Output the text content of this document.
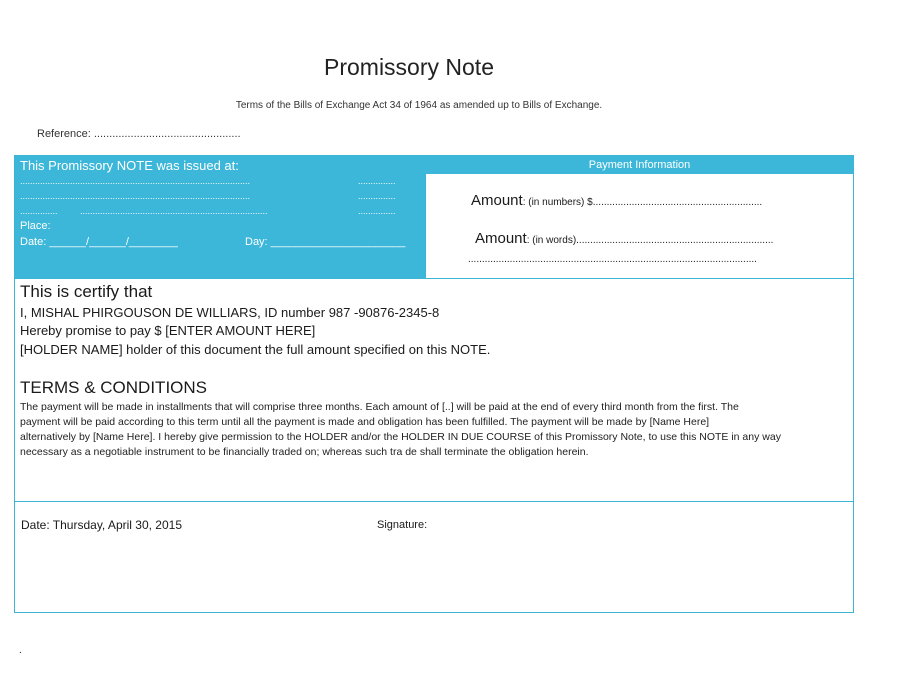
Promissory Note
Terms of the Bills of Exchange Act 34 of 1964 as amended up to Bills of Exchange.
Reference: ................................................
This Promissory NOTE was issued at:
............................................................................................	...............
............................................................................................	...............
............... ...........................................................................	...............
Place:
Date: ______/______/________	Day: ______________________
Payment Information
Amount: (in numbers) $.............................................................
Amount: (in words).......................................................................
........................................................................................................
This is certify that
I, MISHAL PHIRGOUSON DE WILLIARS, ID number 987 -90876-2345-8
Hereby promise to pay $ [ENTER AMOUNT HERE]
[HOLDER NAME] holder of this document the full amount specified on this NOTE.
TERMS & CONDITIONS
The payment will be made in installments that will comprise three months. Each amount of [..] will be paid at the end of every third month from the first. The
payment will be paid according to this term until all the payment is made and obligation has been fulfilled. The payment will be made by [Name Here]
alternatively by [Name Here]. I hereby give permission to the HOLDER and/or the HOLDER IN DUE COURSE of this Promissory Note, to use this NOTE in any way
necessary as a negotiable instrument to be financially traded on; whereas such tra de shall terminate the obligation herein.
Date: Thursday, April 30, 2015	Signature:
.
